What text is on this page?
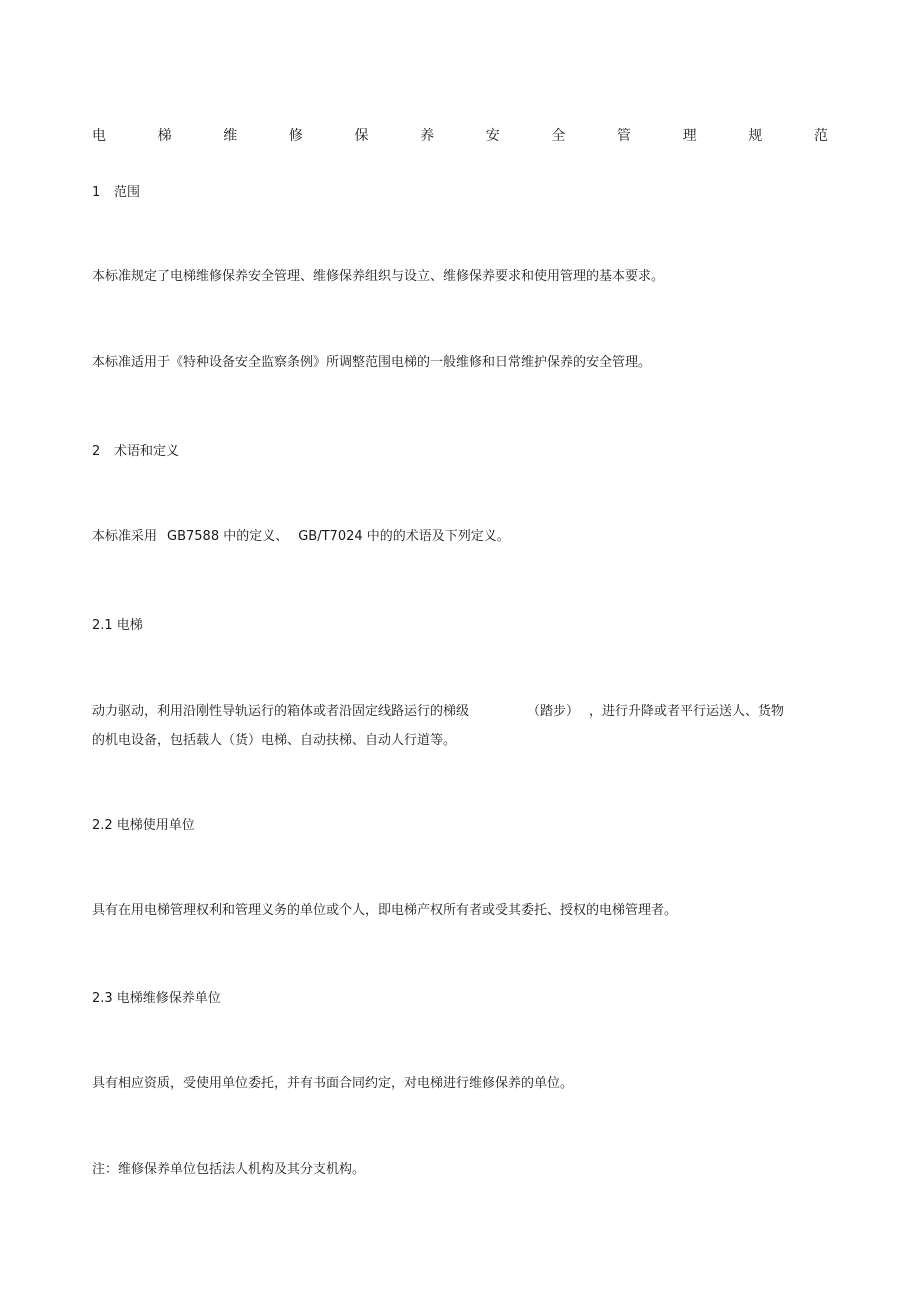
电	梯	维	修	保	养	安	全	管	理	规	范
1 范围
本标准规定了电梯维修保养安全管理、维修保养组织与设立、维修保养要求和使用管理的基本要求。
本标准适用于《特种设备安全监察条例》所调整范围电梯的一般维修和日常维护保养的安全管理。
2 术语和定义
本标准采用 GB7588 中的定义、 GB/T7024 中的的术语及下列定义。
2.1 电梯
动力驱动，利用沿刚性导轨运行的箱体或者沿固定线路运行的梯级	（踏步） ，进行升降或者平行运送人、货物
的机电设备，包括载人（货）电梯、自动扶梯、自动人行道等。
2.2 电梯使用单位
具有在用电梯管理权利和管理义务的单位或个人，即电梯产权所有者或受其委托、授权的电梯管理者。
2.3 电梯维修保养单位
具有相应资质，受使用单位委托，并有书面合同约定，对电梯进行维修保养的单位。
注：维修保养单位包括法人机构及其分支机构。
